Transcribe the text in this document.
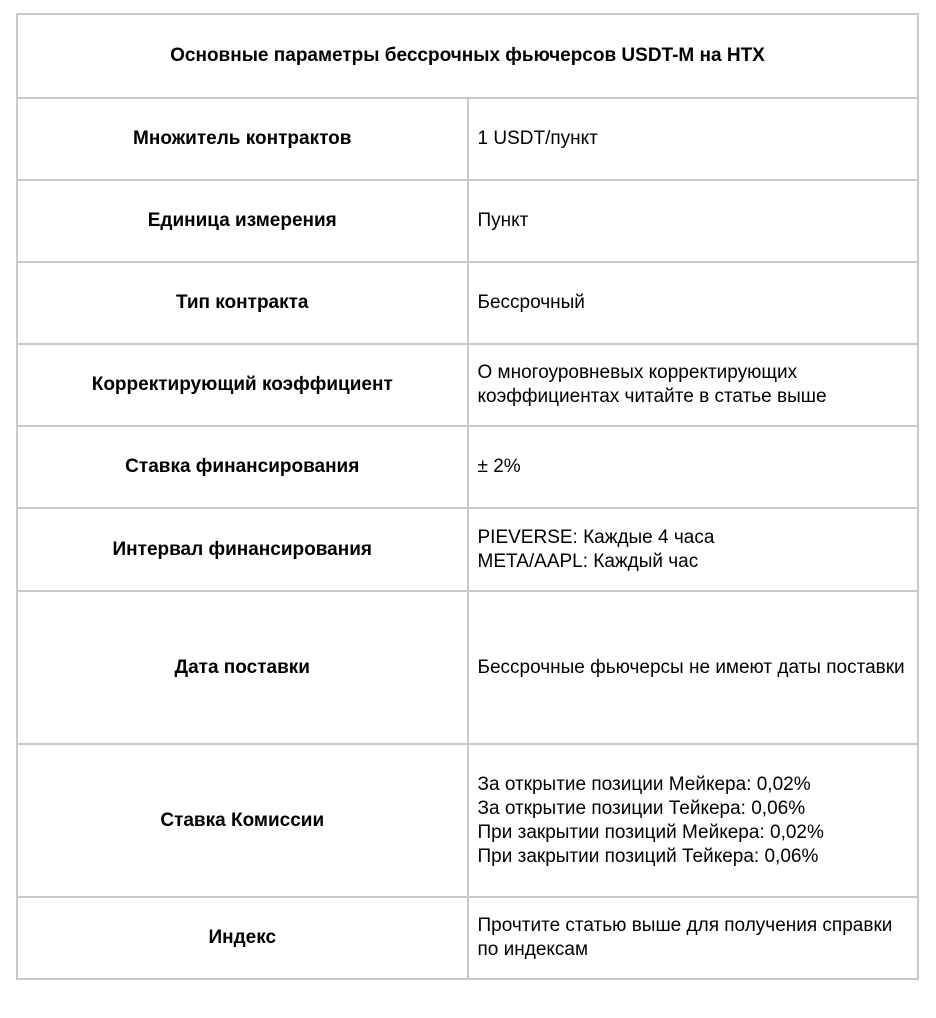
Основные параметры бессрочных фьючерсов USDT-M на HTX	
Множитель контрактов	1 USDT/пункт

Единица измерения	Пункт

Тип контракта	Бессрочный

Корректирующий коэффициент	О многоуровневых корректирующих коэффициентах читайте в статье выше

Ставка финансирования	± 2%

Интервал финансирования	PIEVERSE: Каждые 4 часа
META/AAPL: Каждый час

Дата поставки	Бессрочные фьючерсы не имеют даты поставки

Ставка Комиссии	За открытие позиции Мейкера: 0,02%
За открытие позиции Тейкера: 0,06%
При закрытии позиций Мейкера: 0,02%
При закрытии позиций Тейкера: 0,06%

Индекс	Прочтите статью выше для получения справки по индексам
